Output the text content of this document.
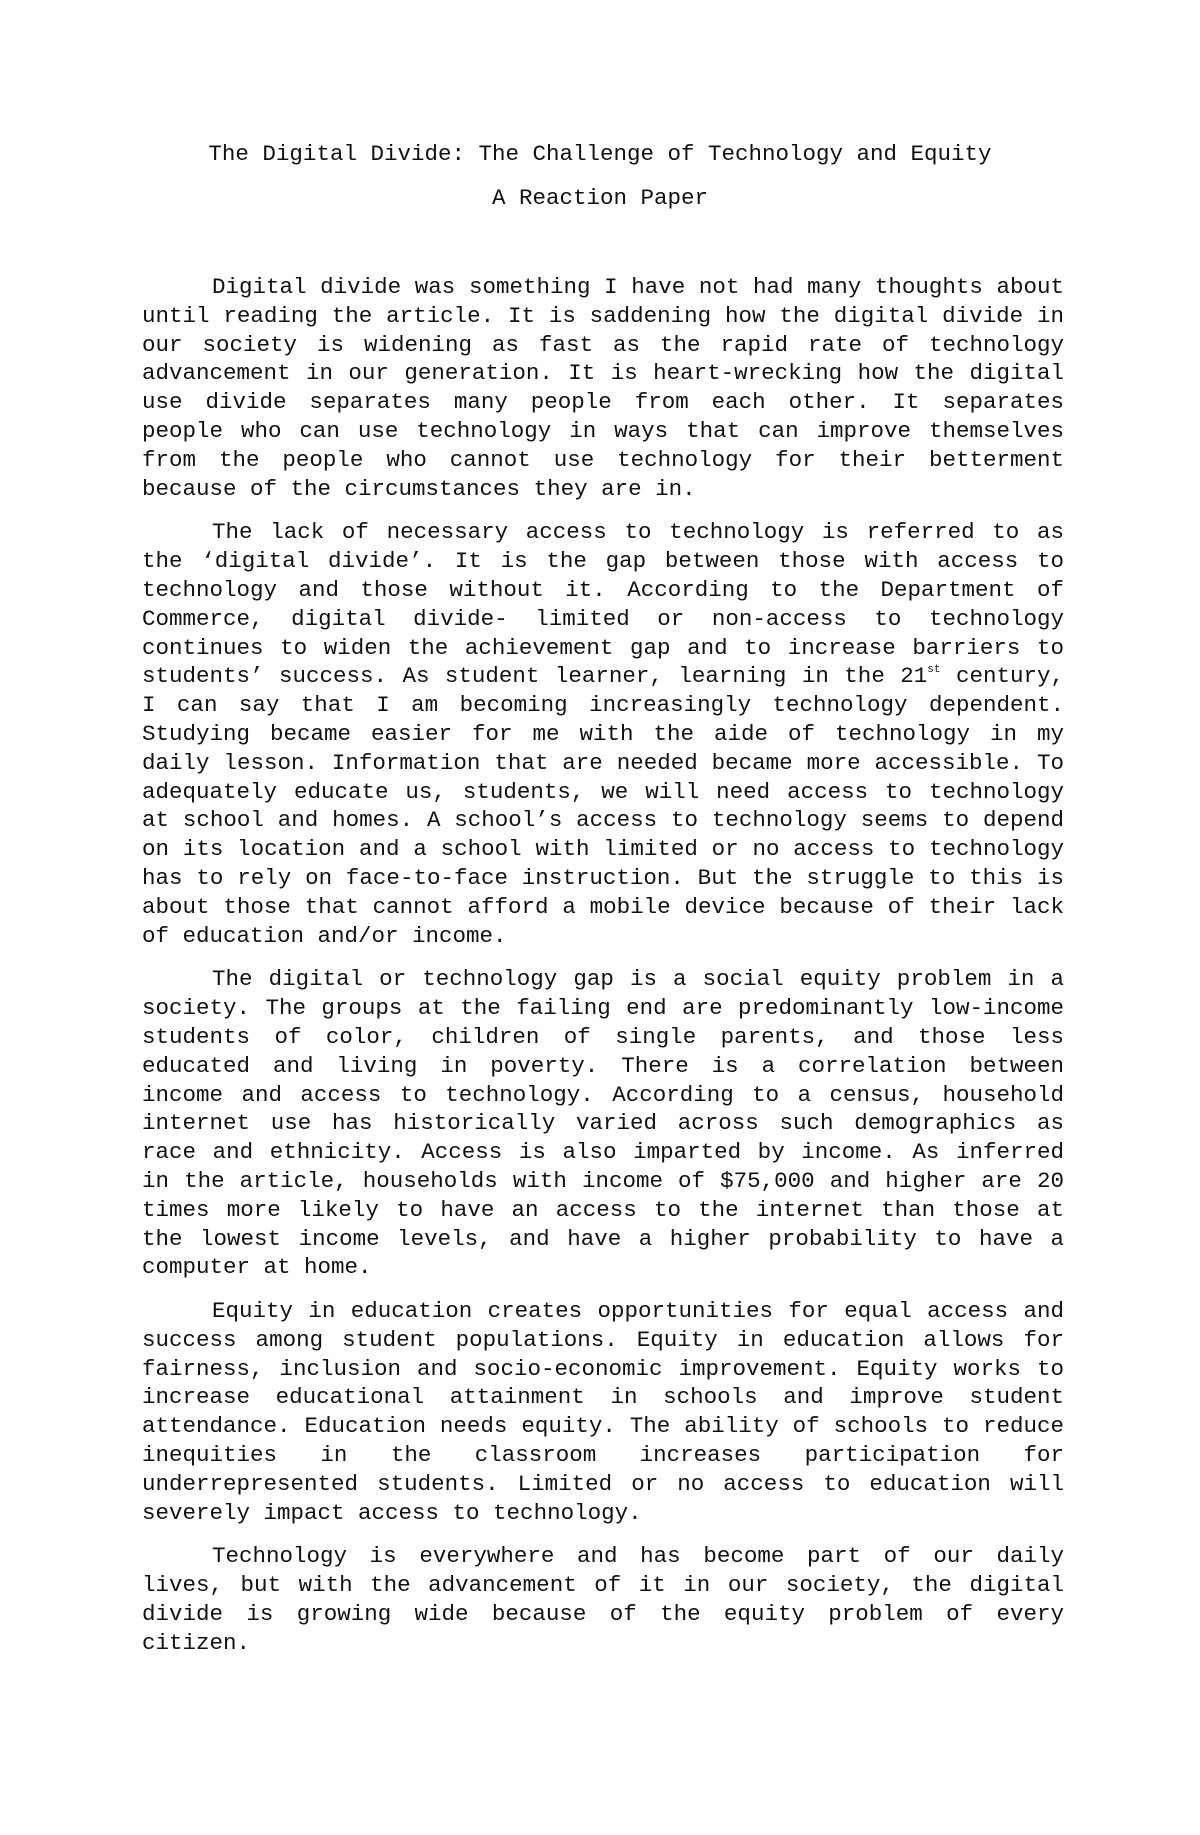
The Digital Divide: The Challenge of Technology and Equity
A Reaction Paper

Digital divide was something I have not had many thoughts about until reading the article. It is saddening how the digital divide in our society is widening as fast as the rapid rate of technology advancement in our generation. It is heart-wrecking how the digital use divide separates many people from each other. It separates people who can use technology in ways that can improve themselves from the people who cannot use technology for their betterment because of the circumstances they are in.

The lack of necessary access to technology is referred to as the ‘digital divide’. It is the gap between those with access to technology and those without it. According to the Department of Commerce, digital divide- limited or non-access to technology continues to widen the achievement gap and to increase barriers to students’ success. As student learner, learning in the 21st century, I can say that I am becoming increasingly technology dependent. Studying became easier for me with the aide of technology in my daily lesson. Information that are needed became more accessible. To adequately educate us, students, we will need access to technology at school and homes. A school’s access to technology seems to depend on its location and a school with limited or no access to technology has to rely on face-to-face instruction. But the struggle to this is about those that cannot afford a mobile device because of their lack of education and/or income.

The digital or technology gap is a social equity problem in a society. The groups at the failing end are predominantly low-income students of color, children of single parents, and those less educated and living in poverty. There is a correlation between income and access to technology. According to a census, household internet use has historically varied across such demographics as race and ethnicity. Access is also imparted by income. As inferred in the article, households with income of $75,000 and higher are 20 times more likely to have an access to the internet than those at the lowest income levels, and have a higher probability to have a computer at home.

Equity in education creates opportunities for equal access and success among student populations. Equity in education allows for fairness, inclusion and socio-economic improvement. Equity works to increase educational attainment in schools and improve student attendance. Education needs equity. The ability of schools to reduce inequities in the classroom increases participation for underrepresented students. Limited or no access to education will severely impact access to technology.

Technology is everywhere and has become part of our daily lives, but with the advancement of it in our society, the digital divide is growing wide because of the equity problem of every citizen.
